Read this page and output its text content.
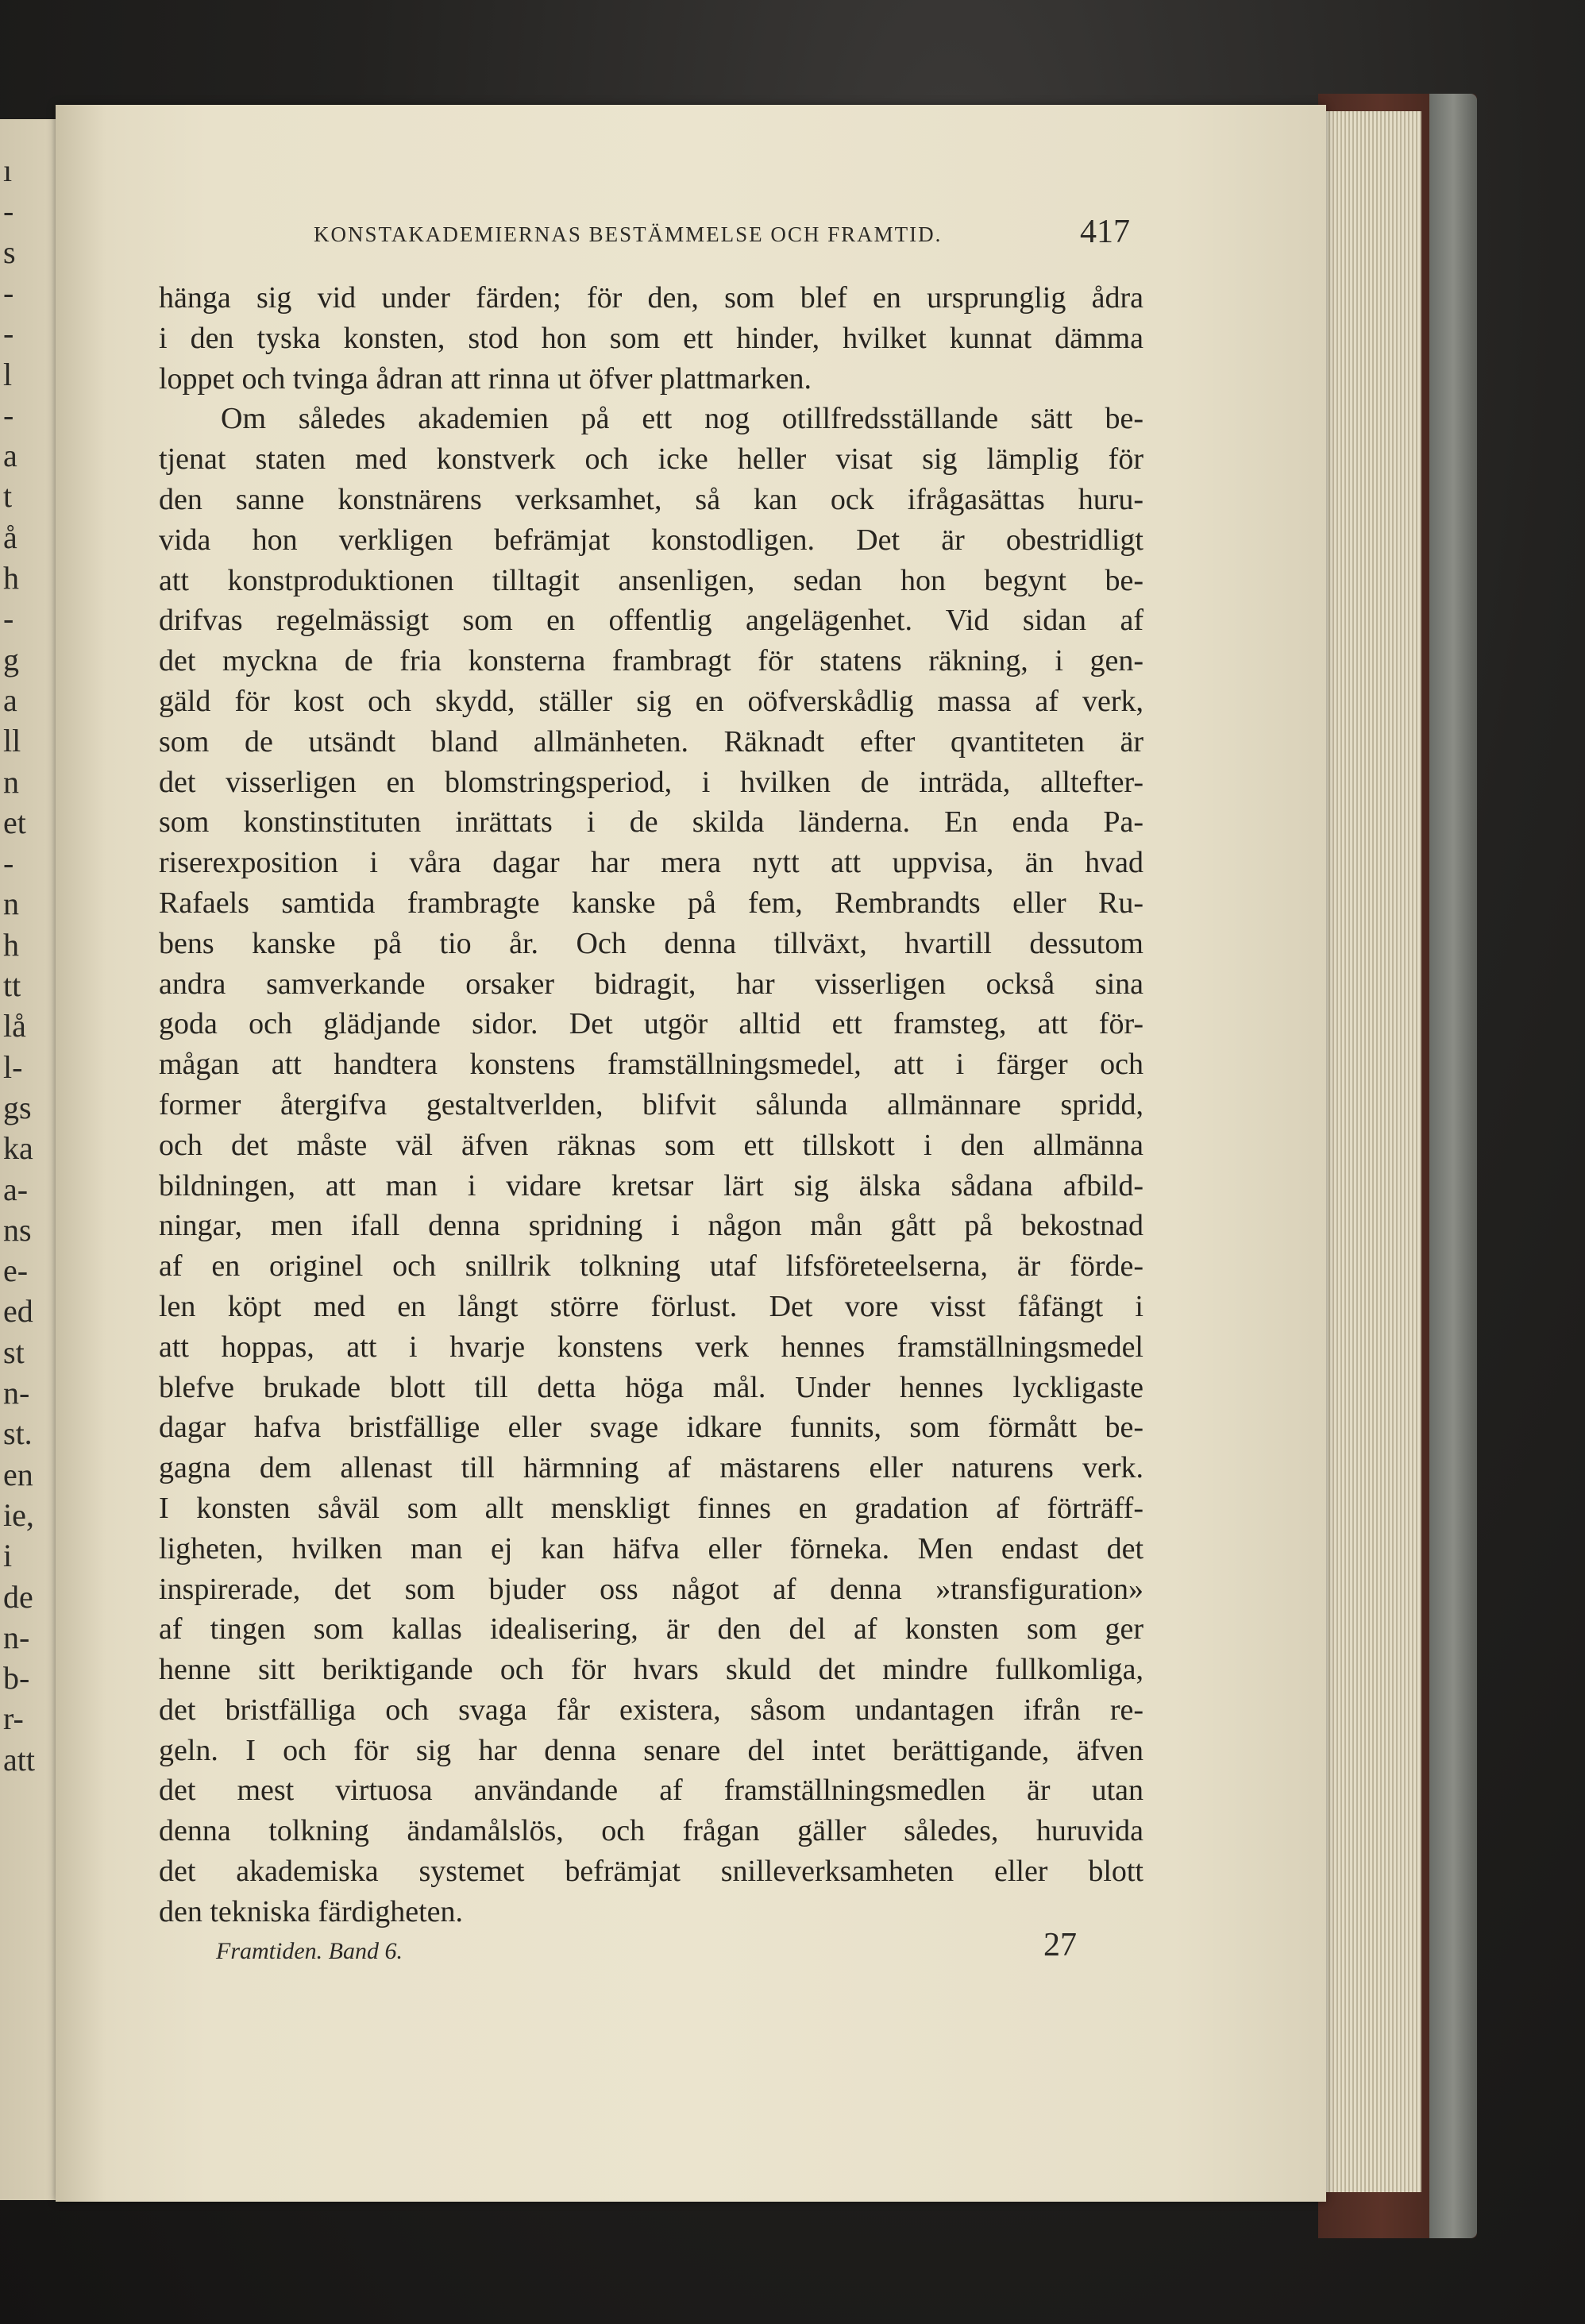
ı
-
s
-
-
l
-
a
t
å
h
-
g
a
ll
n
et
-
n
h
tt
lå
l-
gs
ka
a-
ns
e-
ed
st
n-
st.
en
ie,
i
de
n-
b-
r-
att
KONSTAKADEMIERNAS BESTÄMMELSE OCH FRAMTID.	417
hänga sig vid under färden; för den, som blef en ursprunglig ådra
i den tyska konsten, stod hon som ett hinder, hvilket kunnat dämma
loppet och tvinga ådran att rinna ut öfver plattmarken.
Om således akademien på ett nog otillfredsställande sätt be-
tjenat staten med konstverk och icke heller visat sig lämplig för
den sanne konstnärens verksamhet, så kan ock ifrågasättas huru-
vida hon verkligen befrämjat konstodligen. Det är obestridligt
att konstproduktionen tilltagit ansenligen, sedan hon begynt be-
drifvas regelmässigt som en offentlig angelägenhet. Vid sidan af
det myckna de fria konsterna frambragt för statens räkning, i gen-
gäld för kost och skydd, ställer sig en oöfverskådlig massa af verk,
som de utsändt bland allmänheten. Räknadt efter qvantiteten är
det visserligen en blomstringsperiod, i hvilken de inträda, alltefter-
som konstinstituten inrättats i de skilda länderna. En enda Pa-
riserexposition i våra dagar har mera nytt att uppvisa, än hvad
Rafaels samtida frambragte kanske på fem, Rembrandts eller Ru-
bens kanske på tio år. Och denna tillväxt, hvartill dessutom
andra samverkande orsaker bidragit, har visserligen också sina
goda och glädjande sidor. Det utgör alltid ett framsteg, att för-
mågan att handtera konstens framställningsmedel, att i färger och
former återgifva gestaltverlden, blifvit sålunda allmännare spridd,
och det måste väl äfven räknas som ett tillskott i den allmänna
bildningen, att man i vidare kretsar lärt sig älska sådana afbild-
ningar, men ifall denna spridning i någon mån gått på bekostnad
af en originel och snillrik tolkning utaf lifsföreteelserna, är förde-
len köpt med en långt större förlust. Det vore visst fåfängt i
att hoppas, att i hvarje konstens verk hennes framställningsmedel
blefve brukade blott till detta höga mål. Under hennes lyckligaste
dagar hafva bristfällige eller svage idkare funnits, som förmått be-
gagna dem allenast till härmning af mästarens eller naturens verk.
I konsten såväl som allt menskligt finnes en gradation af förträff-
ligheten, hvilken man ej kan häfva eller förneka. Men endast det
inspirerade, det som bjuder oss något af denna »transfiguration»
af tingen som kallas idealisering, är den del af konsten som ger
henne sitt beriktigande och för hvars skuld det mindre fullkomliga,
det bristfälliga och svaga får existera, såsom undantagen ifrån re-
geln. I och för sig har denna senare del intet berättigande, äfven
det mest virtuosa användande af framställningsmedlen är utan
denna tolkning ändamålslös, och frågan gäller således, huruvida
det akademiska systemet befrämjat snilleverksamheten eller blott
den tekniska färdigheten.
Framtiden. Band 6.	27
